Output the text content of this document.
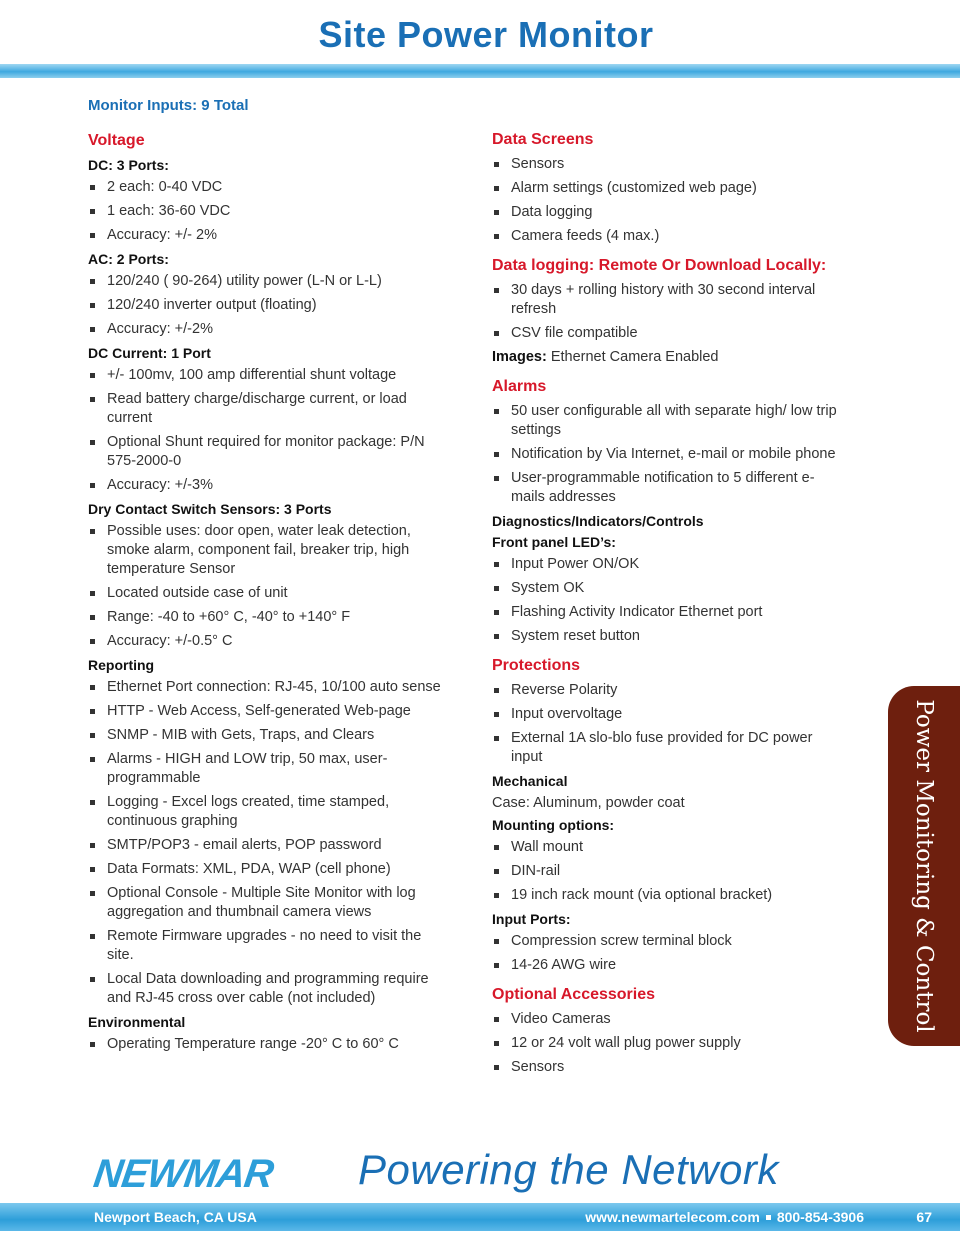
Site Power Monitor
Monitor Inputs: 9 Total
Voltage
DC: 3 Ports:
2 each: 0-40 VDC
1 each: 36-60 VDC
Accuracy: +/- 2%
AC: 2 Ports:
120/240 ( 90-264) utility power (L-N or L-L)
120/240 inverter output (floating)
Accuracy: +/-2%
DC Current: 1 Port
+/- 100mv, 100 amp differential shunt voltage
Read battery charge/discharge current, or load current
Optional Shunt required for monitor package: P/N 575-2000-0
Accuracy: +/-3%
Dry Contact Switch Sensors: 3 Ports
Possible uses: door open, water leak detection, smoke alarm, component fail, breaker trip, high temperature Sensor
Located outside case of unit
Range: -40 to +60° C, -40° to +140° F
Accuracy: +/-0.5° C
Reporting
Ethernet Port connection: RJ-45, 10/100 auto sense
HTTP - Web Access, Self-generated Web-page
SNMP - MIB with Gets, Traps, and Clears
Alarms - HIGH and LOW trip, 50 max, user-programmable
Logging - Excel logs created, time stamped, continuous graphing
SMTP/POP3 - email alerts, POP password
Data Formats: XML, PDA, WAP (cell phone)
Optional Console - Multiple Site Monitor with log aggregation and thumbnail camera views
Remote Firmware upgrades - no need to visit the site.
Local Data downloading and programming require and RJ-45 cross over cable (not included)
Environmental
Operating Temperature range -20° C to 60° C
Data Screens
Sensors
Alarm settings (customized web page)
Data logging
Camera feeds (4 max.)
Data logging: Remote Or Download Locally:
30 days + rolling history with 30 second interval refresh
CSV file compatible
Images: Ethernet Camera Enabled
Alarms
50 user configurable all with separate high/ low trip settings
Notification by Via Internet, e-mail or mobile phone
User-programmable notification to 5 different e-mails addresses
Diagnostics/Indicators/Controls
Front panel LED’s:
Input Power ON/OK
System OK
Flashing Activity Indicator Ethernet port
System reset button
Protections
Reverse Polarity
Input overvoltage
External 1A slo-blo fuse provided for DC power input
Mechanical
Case: Aluminum, powder coat
Mounting options:
Wall mount
DIN-rail
19 inch rack mount (via optional bracket)
Input Ports:
Compression screw terminal block
14-26 AWG wire
Optional Accessories
Video Cameras
12 or 24 volt wall plug power supply
Sensors
Power Monitoring & Control
NEWMAR Powering the Network
Newport Beach, CA USA	www.newmartelecom.com 800-854-3906	67
